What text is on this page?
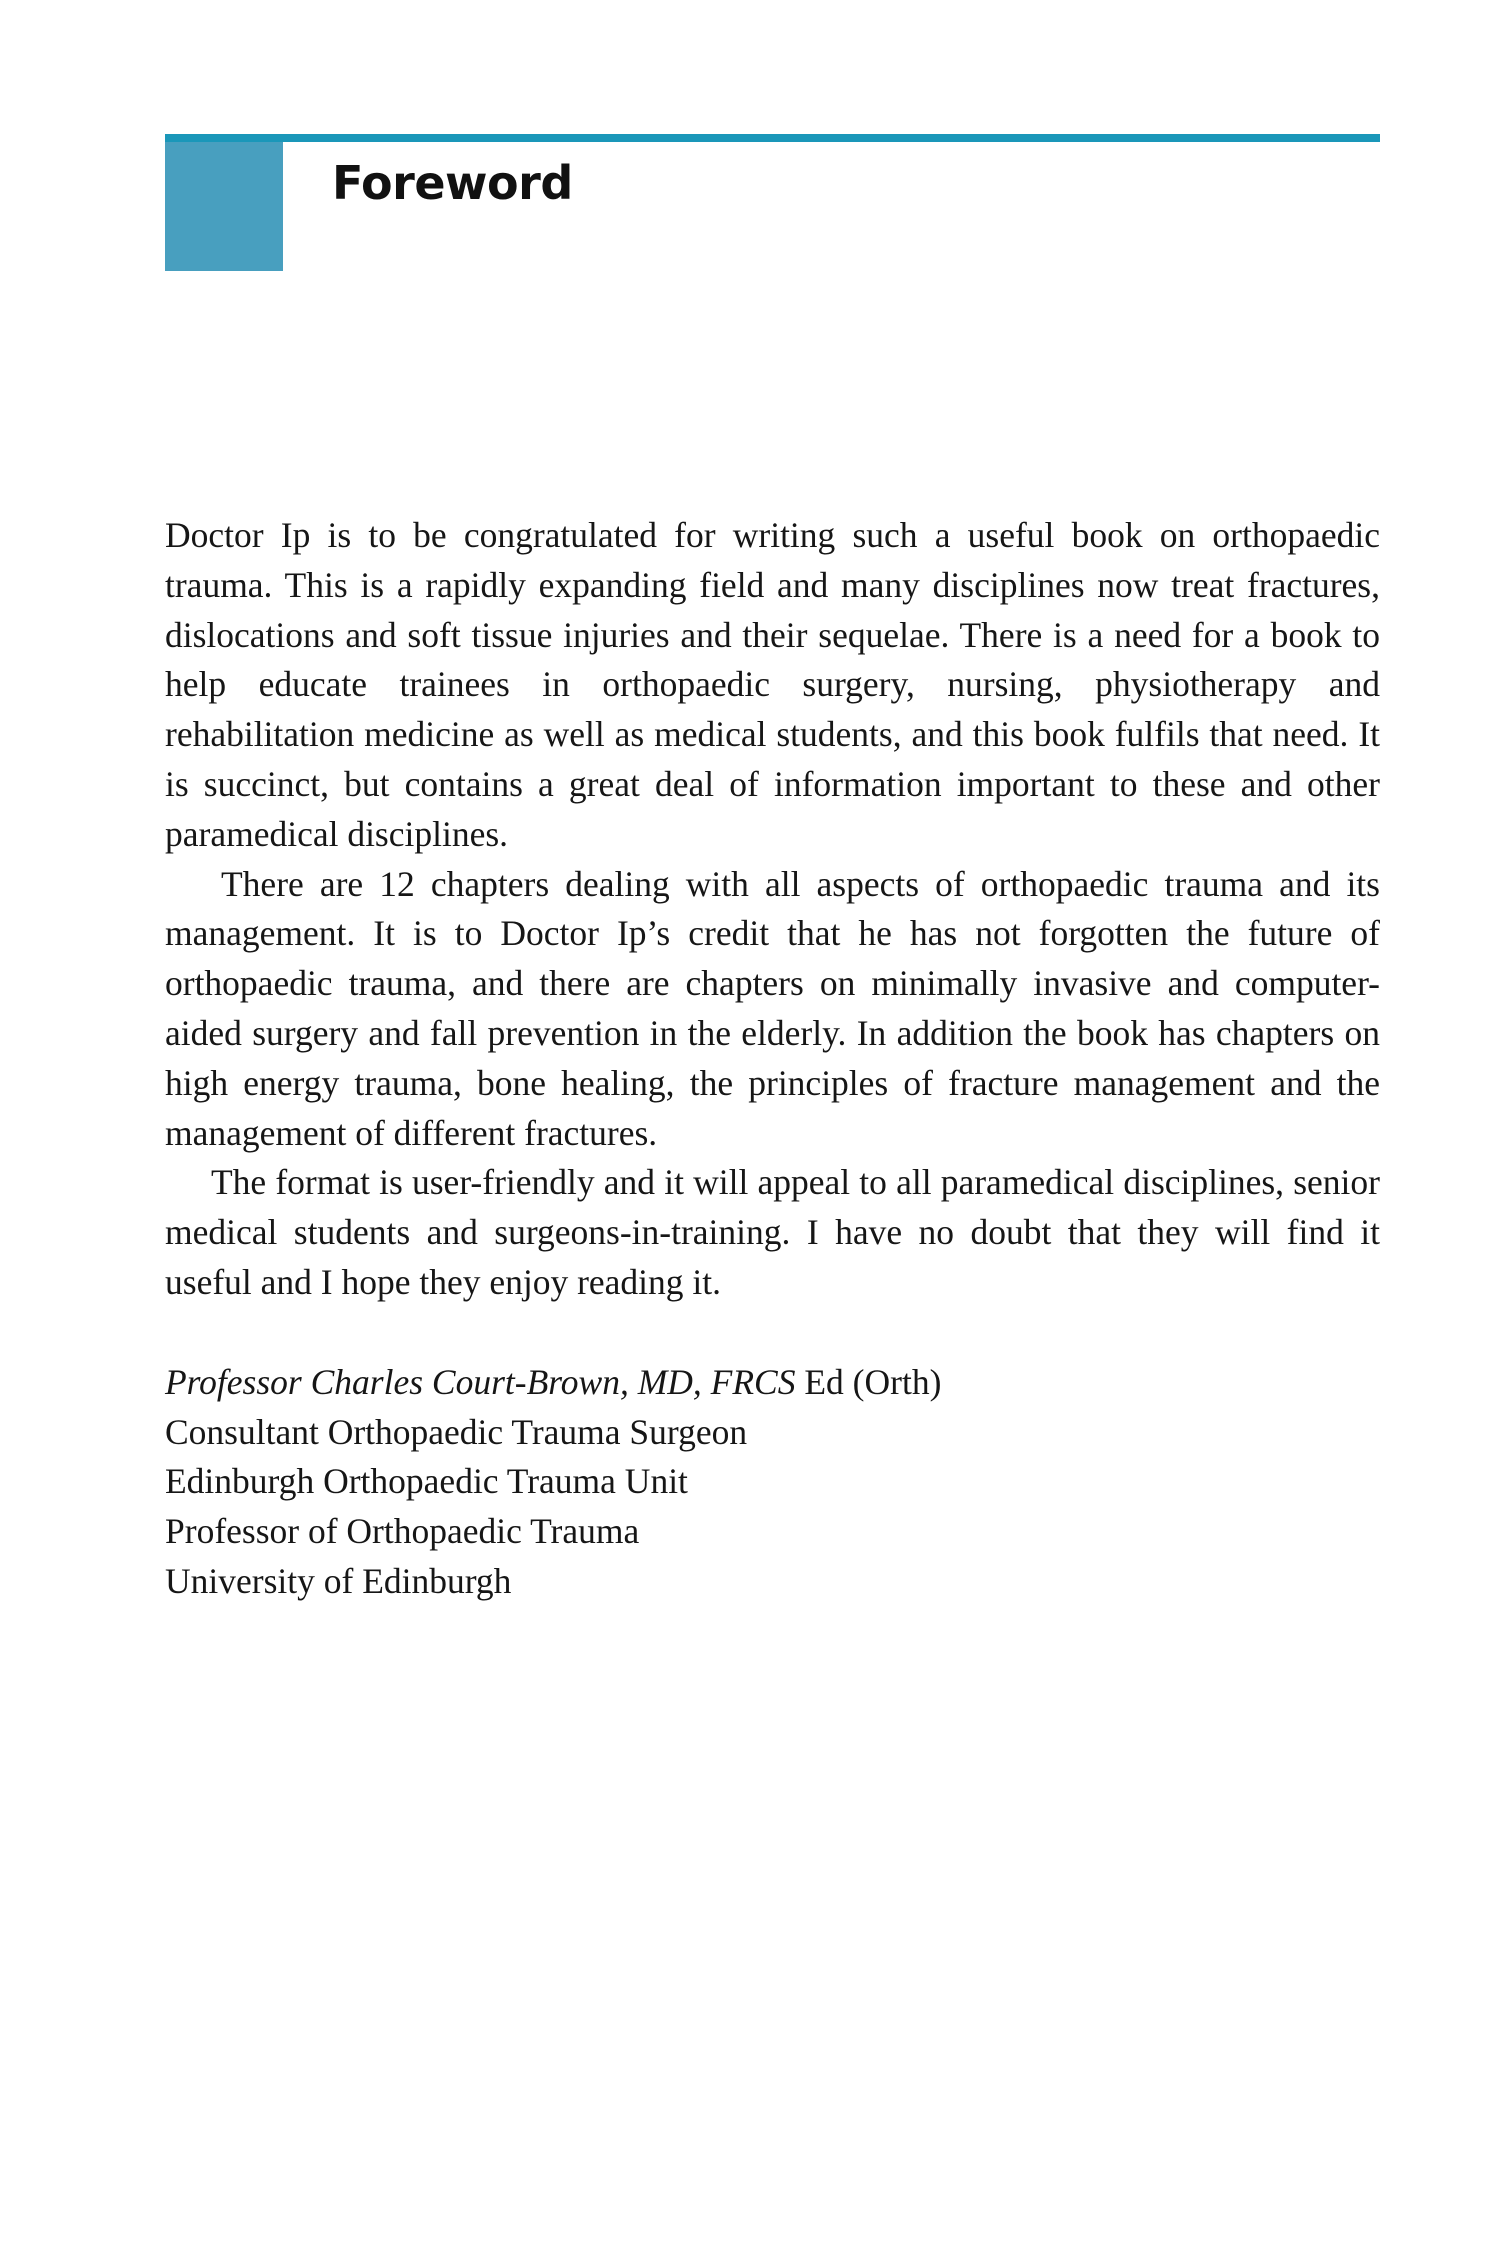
Foreword

Doctor Ip is to be congratulated for writing such a useful book on orthopaedic trauma. This is a rapidly expanding field and many disciplines now treat fractures, dislocations and soft tissue injuries and their sequelae. There is a need for a book to help educate trainees in orthopaedic surgery, nursing, physiotherapy and rehabilitation medicine as well as medical students, and this book fulfils that need. It is succinct, but contains a great deal of information important to these and other paramedical disciplines.

There are 12 chapters dealing with all aspects of orthopaedic trauma and its management. It is to Doctor Ip’s credit that he has not forgotten the future of orthopaedic trauma, and there are chapters on minimally invasive and computer-aided surgery and fall prevention in the elderly. In addition the book has chapters on high energy trauma, bone healing, the principles of fracture management and the management of different fractures.

The format is user-friendly and it will appeal to all paramedical disciplines, senior medical students and surgeons-in-training. I have no doubt that they will find it useful and I hope they enjoy reading it.

Professor Charles Court-Brown, MD, FRCS Ed (Orth)
Consultant Orthopaedic Trauma Surgeon
Edinburgh Orthopaedic Trauma Unit
Professor of Orthopaedic Trauma
University of Edinburgh
